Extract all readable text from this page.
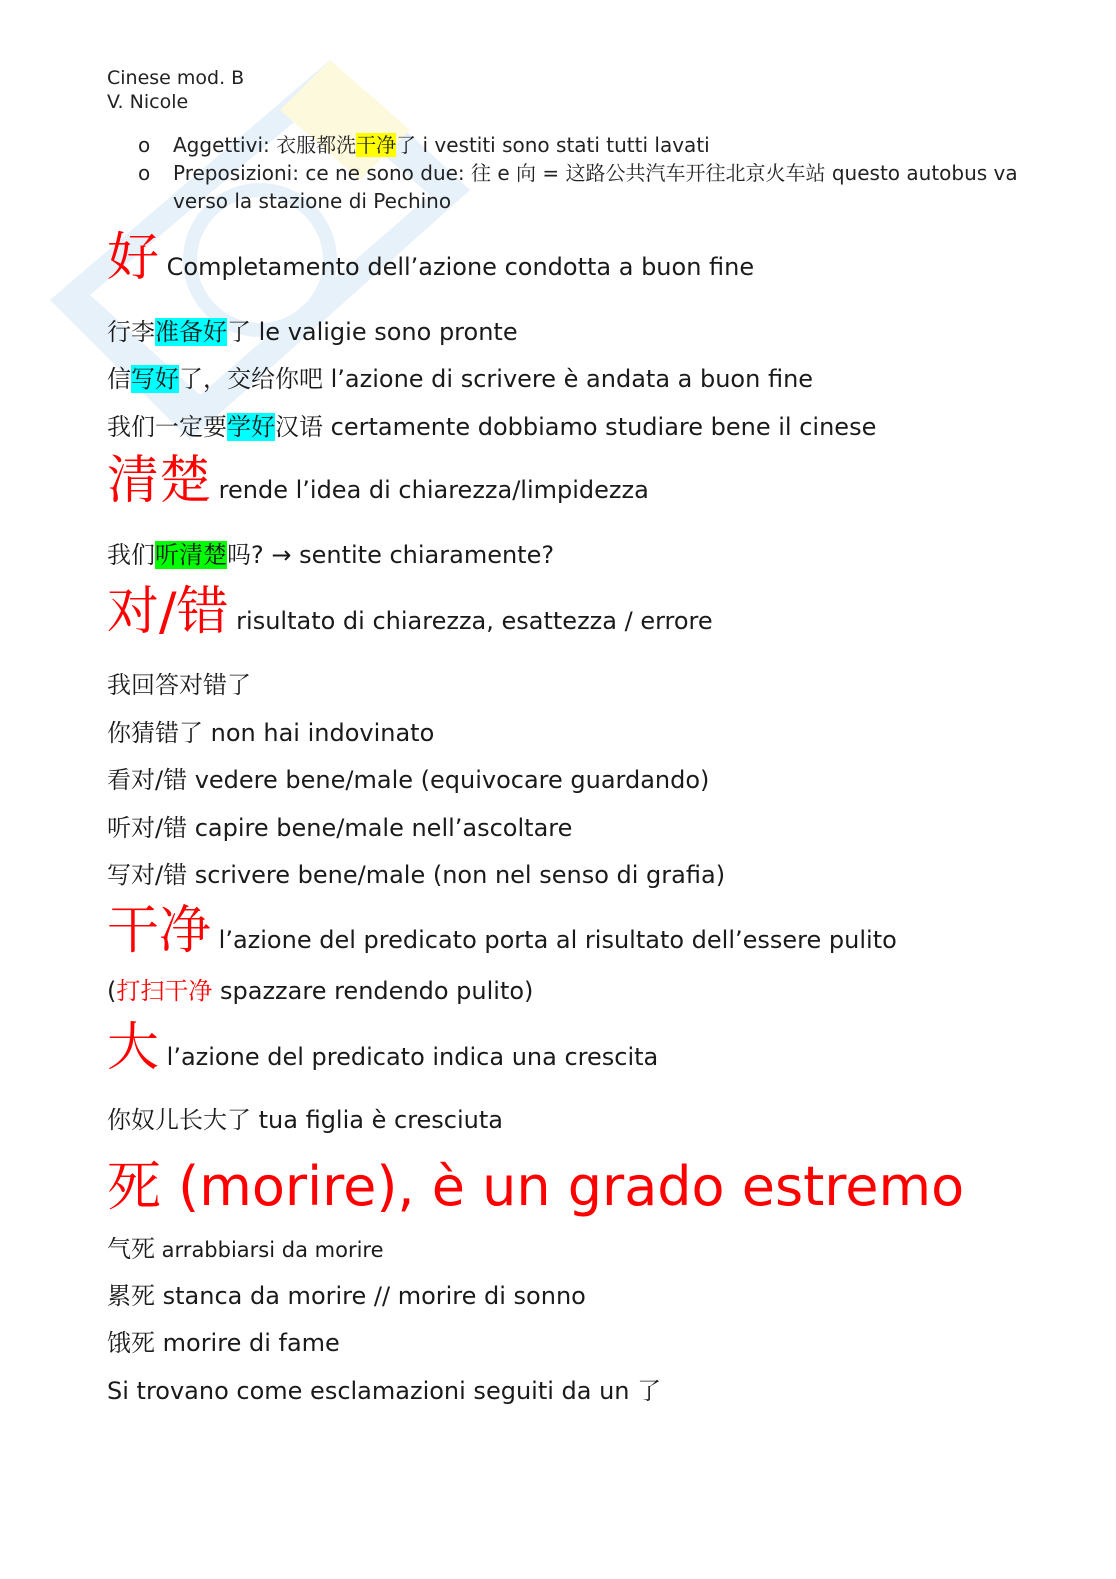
Cinese mod. B
V. Nicole
o	Aggettivi: 衣服都洗干净了 i vestiti sono stati tutti lavati
o	Preposizioni: ce ne sono due: 往 e 向 = 这路公共汽车开往北京火车站 questo autobus va verso la stazione di Pechino
好 Completamento dell’azione condotta a buon fine
行李准备好了 le valigie sono pronte
信写好了，交给你吧 l’azione di scrivere è andata a buon fine
我们一定要学好汉语 certamente dobbiamo studiare bene il cinese
清楚 rende l’idea di chiarezza/limpidezza
我们听清楚吗? → sentite chiaramente?
对/错 risultato di chiarezza, esattezza / errore
我回答对错了
你猜错了 non hai indovinato
看对/错 vedere bene/male (equivocare guardando)
听对/错 capire bene/male nell’ascoltare
写对/错 scrivere bene/male (non nel senso di grafia)
干净 l’azione del predicato porta al risultato dell’essere pulito
(打扫干净 spazzare rendendo pulito)
大 l’azione del predicato indica una crescita
你奴儿长大了 tua figlia è cresciuta
死 (morire), è un grado estremo
气死 arrabbiarsi da morire
累死 stanca da morire // morire di sonno
饿死 morire di fame
Si trovano come esclamazioni seguiti da un 了
